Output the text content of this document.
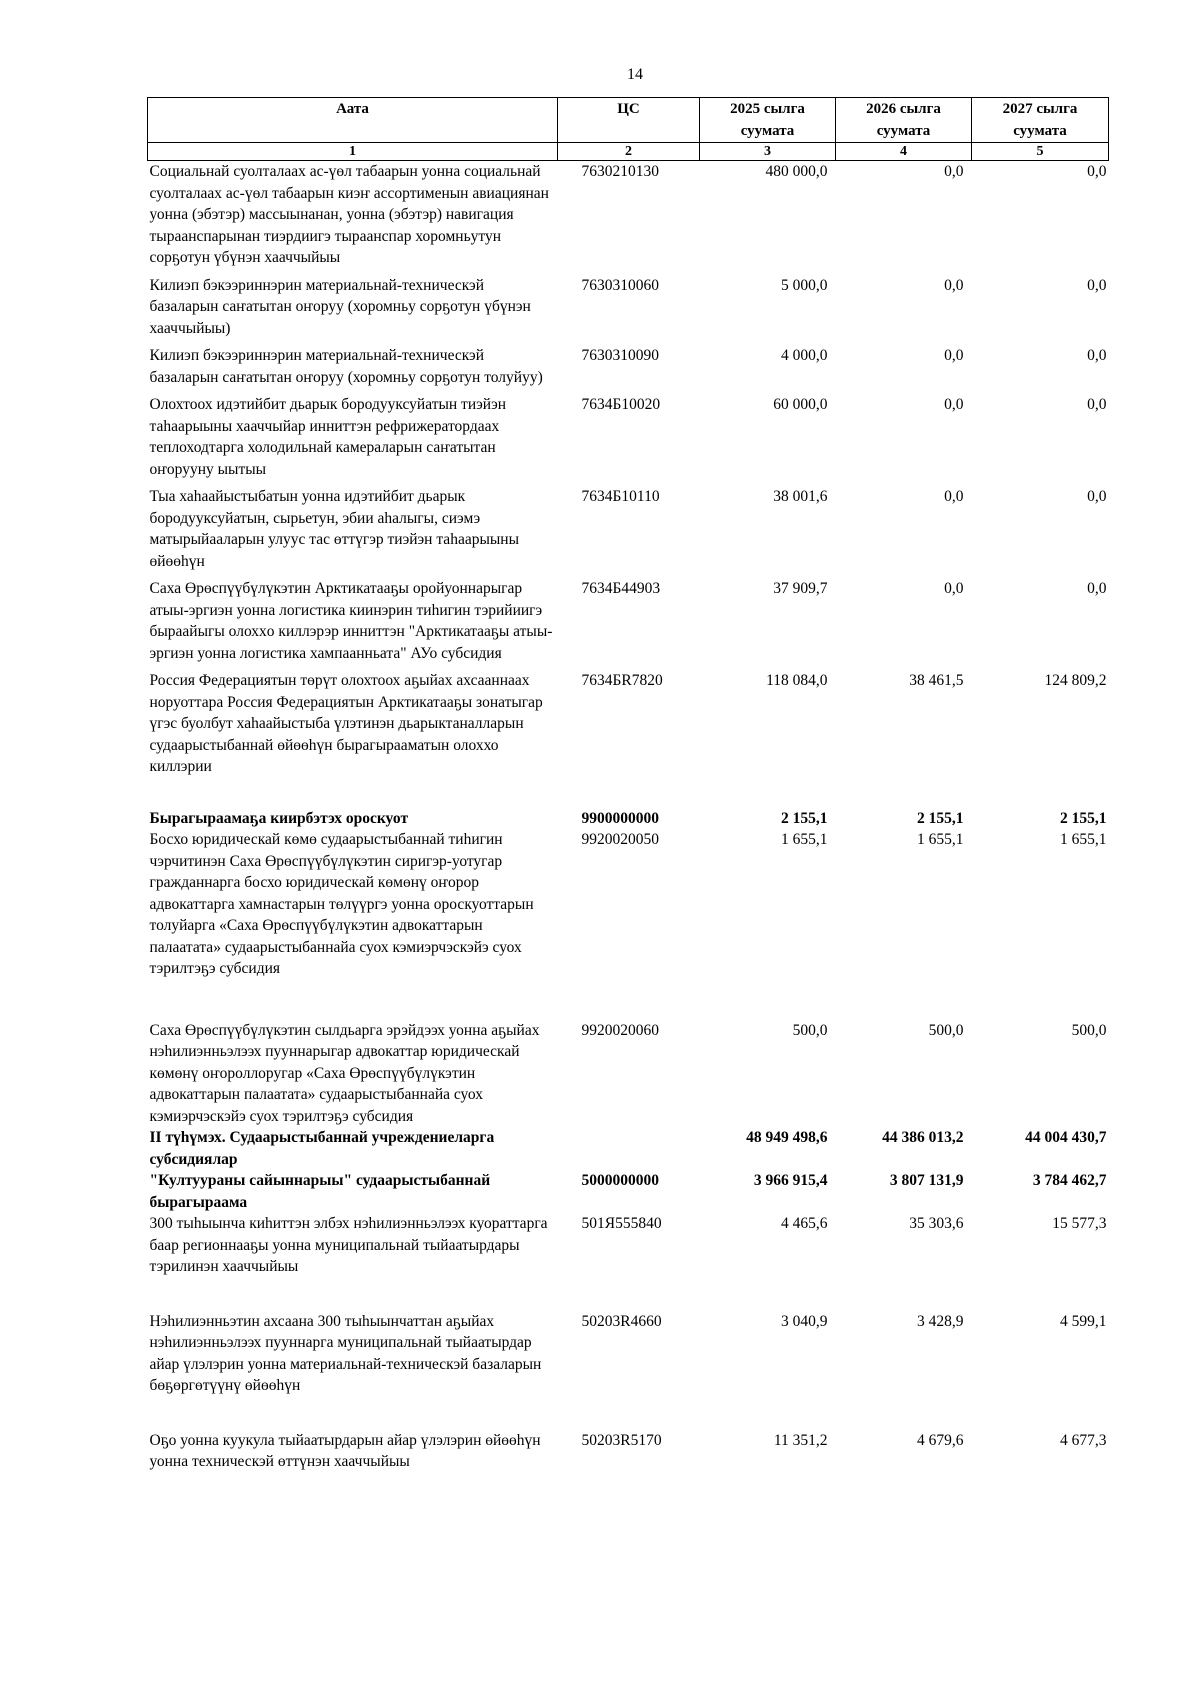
14
Аата	ЦС	2025 сылга суумата	2026 сылга суумата	2027 сылга суумата
1	2	3	4	5
Социальнай суолталаах ас-үөл табаарын уонна социальнай суолталаах ас-үөл табаарын киэҥ ассортименын авиациянан уонна (эбэтэр) массыынанан, уонна (эбэтэр) навигация тыраанспарынан тиэрдиигэ тыраанспар хоромньутун сорҕотун үбүнэн хааччыйыы	7630210130	480 000,0	0,0	0,0
Килиэп бэкээриннэрин материальнай-техническэй базаларын саҥатытан оҥоруу (хоромньу сорҕотун үбүнэн хааччыйыы)	7630310060	5 000,0	0,0	0,0
Килиэп бэкээриннэрин материальнай-техническэй базаларын саҥатытан оҥоруу (хоромньу сорҕотун толуйуу)	7630310090	4 000,0	0,0	0,0
Олохтоох идэтийбит дьарык бородууксуйатын тиэйэн таһаарыыны хааччыйар инниттэн рефрижератордаах теплоходтарга холодильнай камераларын саҥатытан оҥорууну ыытыы	7634Б10020	60 000,0	0,0	0,0
Тыа хаһаайыстыбатын уонна идэтийбит дьарык бородууксуйатын, сырьетун, эбии аһалыгы, сиэмэ матырыйааларын улуус тас өттүгэр тиэйэн таһаарыыны өйөөһүн	7634Б10110	38 001,6	0,0	0,0
Саха Өрөспүүбүлүкэтин Арктикатааҕы оройуоннарыгар атыы-эргиэн уонна логистика киинэрин тиһигин тэрийиигэ быраайыгы олохxo киллэрэр инниттэн "Арктикатааҕы атыы-эргиэн уонна логистика хампаанньата" АУо субсидия	7634Б44903	37 909,7	0,0	0,0
Россия Федерациятын төрүт олохтоох аҕыйах ахсааннаах норуоттара Россия Федерациятын Арктикатааҕы зонатыгар үгэс буолбут хаһаайыстыба үлэтинэн дьарыктаналларын судаарыстыбаннай өйөөһүн бырагырааматын олоххо киллэрии	7634БR7820	118 084,0	38 461,5	124 809,2
Бырагыраамаҕа киирбэтэх ороскуот	9900000000	2 155,1	2 155,1	2 155,1
Босхо юридическай көмө судаарыстыбаннай тиһигин чэрчитинэн Саха Өрөспүүбүлүкэтин сиригэр-уотугар гражданнарга босхо юридическай көмөнү оҥорор адвокаттарга хамнастарын төлүүргэ уонна ороскуоттарын толуйарга «Саха Өрөспүүбүлүкэтин адвокаттарын палаатата» судаарыстыбаннайа суох кэмиэрчэскэйэ суох тэрилтэҕэ субсидия	9920020050	1 655,1	1 655,1	1 655,1
Саха Өрөспүүбүлүкэтин сылдьарга эрэйдээх уонна аҕыйах нэһилиэнньэлээх пууннарыгар адвокаттар юридическай көмөнү оҥороллоругар «Саха Өрөспүүбүлүкэтин адвокаттарын палаатата» судаарыстыбаннайа суох кэмиэрчэскэйэ суох тэрилтэҕэ субсидия	9920020060	500,0	500,0	500,0
II түһүмэх. Судаарыстыбаннай учреждениеларга субсидиялар		48 949 498,6	44 386 013,2	44 004 430,7
"Култуураны сайыннарыы" судаарыстыбаннай бырагыраама	5000000000	3 966 915,4	3 807 131,9	3 784 462,7
300 тыһыынча киһиттэн элбэх нэһилиэнньэлээх куораттарга баар регионнааҕы уонна муниципальнай тыйаатырдары тэрилинэн хааччыйыы	501Я555840	4 465,6	35 303,6	15 577,3
Нэһилиэнньэтин ахсаана 300 тыһыынчаттан аҕыйах нэһилиэнньэлээх пууннарга муниципальнай тыйаатырдар айар үлэлэрин уонна материальнай-техническэй базаларын бөҕөргөтүүнү өйөөһүн	50203R4660	3 040,9	3 428,9	4 599,1
Оҕо уонна куукула тыйаатырдарын айар үлэлэрин өйөөһүн уонна техническэй өттүнэн хааччыйыы	50203R5170	11 351,2	4 679,6	4 677,3
